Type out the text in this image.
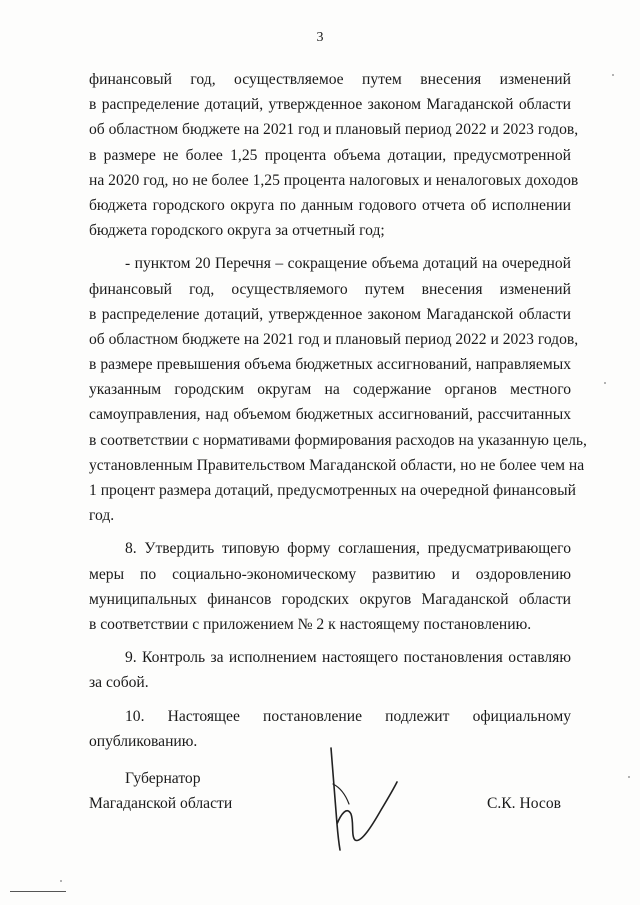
3
финансовый год, осуществляемое путем внесения изменений
в распределение дотаций, утвержденное законом Магаданской области
об областном бюджете на 2021 год и плановый период 2022 и 2023 годов,
в размере не более 1,25 процента объема дотации, предусмотренной
на 2020 год, но не более 1,25 процента налоговых и неналоговых доходов
бюджета городского округа по данным годового отчета об исполнении
бюджета городского округа за отчетный год;
- пунктом 20 Перечня – сокращение объема дотаций на очередной
финансовый год, осуществляемого путем внесения изменений
в распределение дотаций, утвержденное законом Магаданской области
об областном бюджете на 2021 год и плановый период 2022 и 2023 годов,
в размере превышения объема бюджетных ассигнований, направляемых
указанным городским округам на содержание органов местного
самоуправления, над объемом бюджетных ассигнований, рассчитанных
в соответствии с нормативами формирования расходов на указанную цель,
установленным Правительством Магаданской области, но не более чем на
1 процент размера дотаций, предусмотренных на очередной финансовый
год.
8. Утвердить типовую форму соглашения, предусматривающего
меры по социально-экономическому развитию и оздоровлению
муниципальных финансов городских округов Магаданской области
в соответствии с приложением № 2 к настоящему постановлению.
9. Контроль за исполнением настоящего постановления оставляю
за собой.
10. Настоящее постановление подлежит официальному
опубликованию.
Губернатор
Магаданской области	С.К. Носов
